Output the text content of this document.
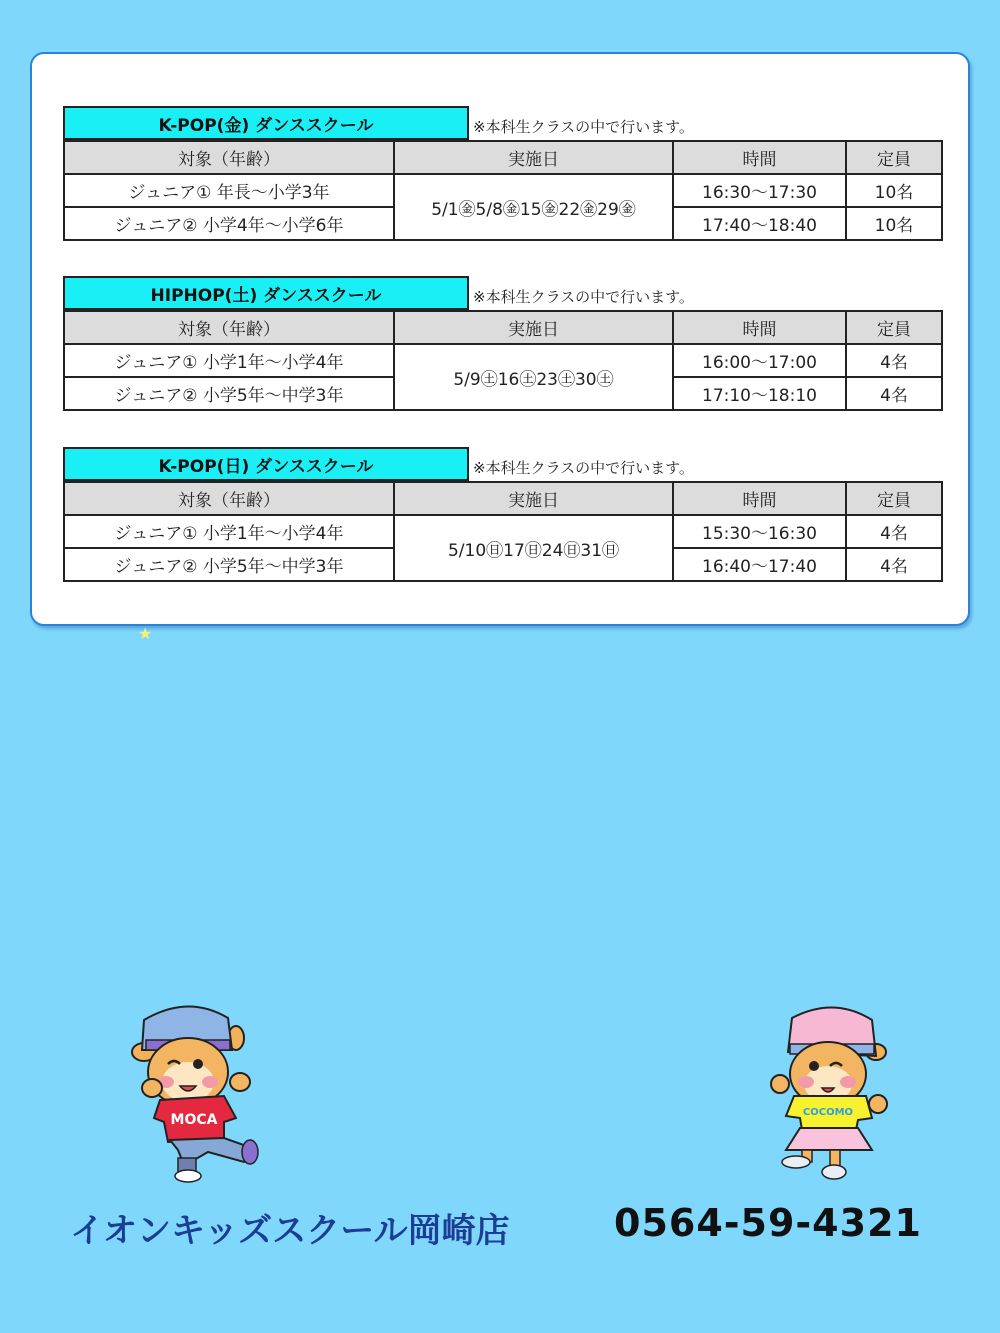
K-POP(金) ダンススクール	※本科生クラスの中で行います。
対象（年齢）	実施日	時間	定員
ジュニア① 年長～小学3年	5/1㊎5/8㊎15㊎22㊎29㊎	16:30～17:30	10名
ジュニア② 小学4年～小学6年		17:40～18:40	10名
HIPHOP(土) ダンススクール	※本科生クラスの中で行います。
対象（年齢）	実施日	時間	定員
ジュニア① 小学1年～小学4年	5/9㊏16㊏23㊏30㊏	16:00～17:00	4名
ジュニア② 小学5年～中学3年		17:10～18:10	4名
K-POP(日) ダンススクール	※本科生クラスの中で行います。
対象（年齢）	実施日	時間	定員
ジュニア① 小学1年～小学4年	5/10㊐17㊐24㊐31㊐	15:30～16:30	4名
ジュニア② 小学5年～中学3年		16:40～17:40	4名
★
MOCA	COCOMO
イオンキッズスクール岡崎店	0564-59-4321
